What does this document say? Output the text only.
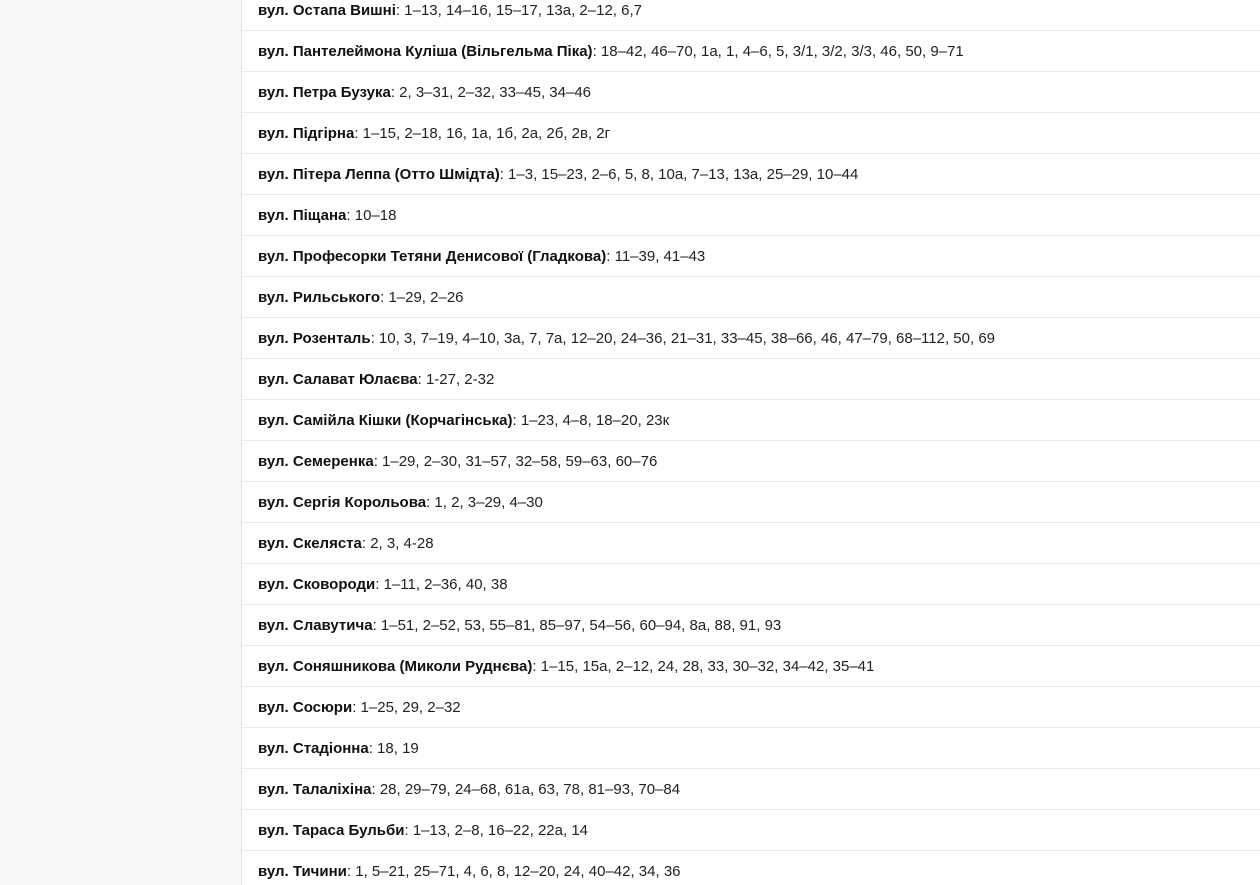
вул. Остапа Вишні: 1–13, 14–16, 15–17, 13а, 2–12, 6,7
вул. Пантелеймона Куліша (Вільгельма Піка): 18–42, 46–70, 1а, 1, 4–6, 5, 3/1, 3/2, 3/3, 46, 50, 9–71
вул. Петра Бузука: 2, 3–31, 2–32, 33–45, 34–46
вул. Підгірна: 1–15, 2–18, 16, 1а, 1б, 2а, 2б, 2в, 2г
вул. Пітера Леппа (Отто Шмідта): 1–3, 15–23, 2–6, 5, 8, 10а, 7–13, 13а, 25–29, 10–44
вул. Піщана: 10–18
вул. Професорки Тетяни Денисової (Гладкова): 11–39, 41–43
вул. Рильського: 1–29, 2–26
вул. Розенталь: 10, 3, 7–19, 4–10, 3а, 7, 7а, 12–20, 24–36, 21–31, 33–45, 38–66, 46, 47–79, 68–112, 50, 69
вул. Салават Юлаєва: 1-27, 2-32
вул. Самійла Кішки (Корчагінська): 1–23, 4–8, 18–20, 23к
вул. Семеренка: 1–29, 2–30, 31–57, 32–58, 59–63, 60–76
вул. Сергія Корольова: 1, 2, 3–29, 4–30
вул. Скеляста: 2, 3, 4-28
вул. Сковороди: 1–11, 2–36, 40, 38
вул. Славутича: 1–51, 2–52, 53, 55–81, 85–97, 54–56, 60–94, 8а, 88, 91, 93
вул. Соняшникова (Миколи Руднєва): 1–15, 15а, 2–12, 24, 28, 33, 30–32, 34–42, 35–41
вул. Сосюри: 1–25, 29, 2–32
вул. Стадіонна: 18, 19
вул. Талаліхіна: 28, 29–79, 24–68, 61а, 63, 78, 81–93, 70–84
вул. Тараса Бульби: 1–13, 2–8, 16–22, 22а, 14
вул. Тичини: 1, 5–21, 25–71, 4, 6, 8, 12–20, 24, 40–42, 34, 36
